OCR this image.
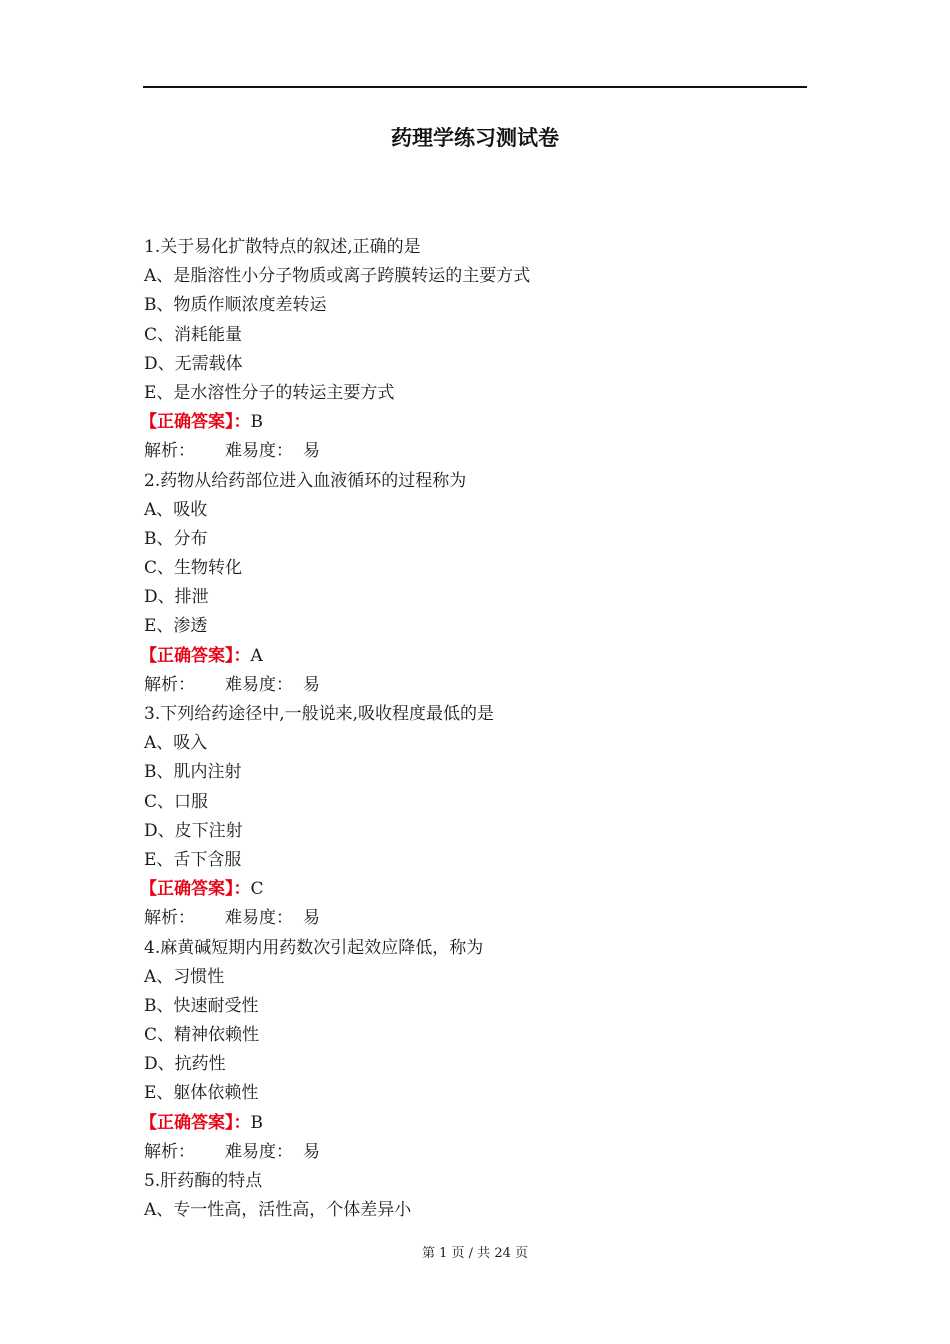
药理学练习测试卷
1.关于易化扩散特点的叙述,正确的是
A、是脂溶性小分子物质或离子跨膜转运的主要方式
B、物质作顺浓度差转运
C、消耗能量
D、无需载体
E、是水溶性分子的转运主要方式
【正确答案】：B
解析： 难易度： 易
2.药物从给药部位进入血液循环的过程称为
A、吸收
B、分布
C、生物转化
D、排泄
E、渗透
【正确答案】：A
解析： 难易度： 易
3.下列给药途径中,一般说来,吸收程度最低的是
A、吸入
B、肌内注射
C、口服
D、皮下注射
E、舌下含服
【正确答案】：C
解析： 难易度： 易
4.麻黄碱短期内用药数次引起效应降低，称为
A、习惯性
B、快速耐受性
C、精神依赖性
D、抗药性
E、躯体依赖性
【正确答案】：B
解析： 难易度： 易
5.肝药酶的特点
A、专一性高，活性高，个体差异小
第 1 页 / 共 24 页
